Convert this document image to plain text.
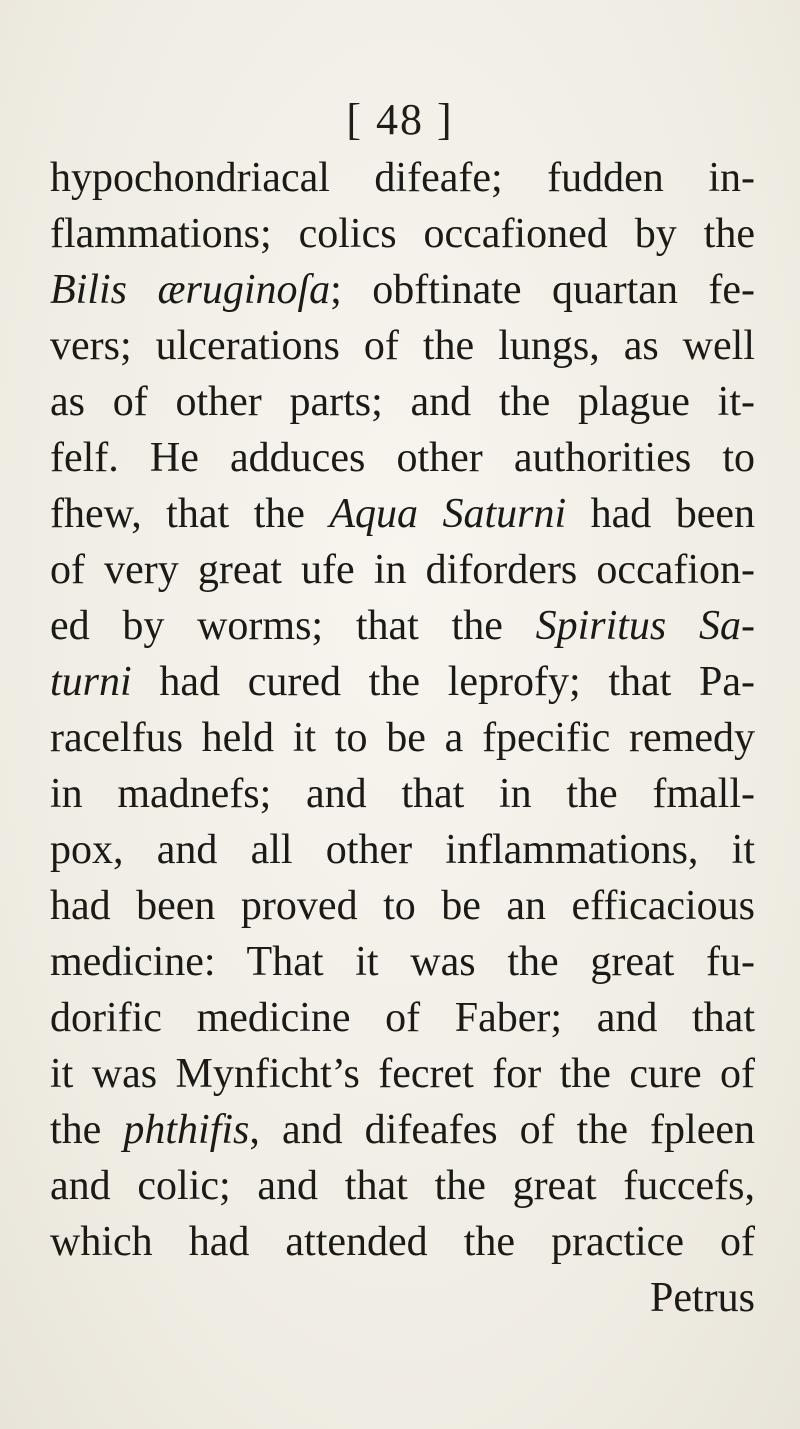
[ 48 ]
hypochondriacal difeafe; fudden in-
flammations; colics occafioned by the
Bilis æruginoſa; obftinate quartan fe-
vers; ulcerations of the lungs, as well
as of other parts; and the plague it-
felf. He adduces other authorities to
fhew, that the Aqua Saturni had been
of very great ufe in diforders occafion-
ed by worms; that the Spiritus Sa-
turni had cured the leprofy; that Pa-
racelfus held it to be a fpecific remedy
in madnefs; and that in the fmall-
pox, and all other inflammations, it
had been proved to be an efficacious
medicine: That it was the great fu-
dorific medicine of Faber; and that
it was Mynficht’s fecret for the cure of
the phthifis, and difeafes of the fpleen
and colic; and that the great fuccefs,
which had attended the practice of
Petrus
